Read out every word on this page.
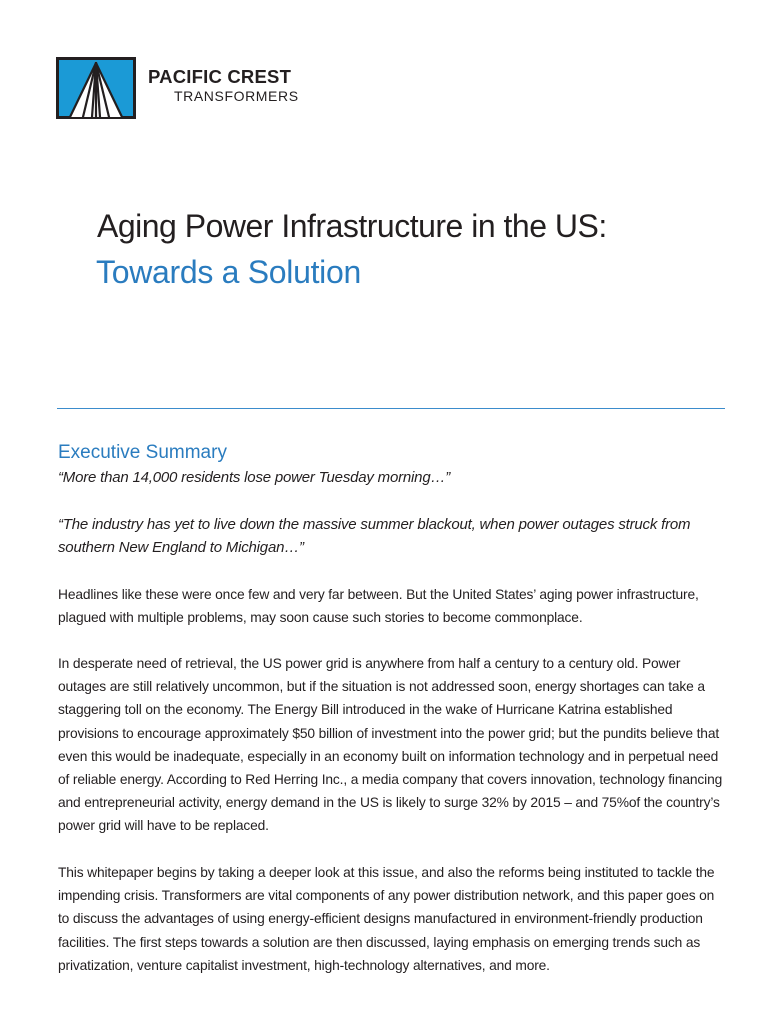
PACIFIC CREST
TRANSFORMERS
Aging Power Infrastructure in the US:
Towards a Solution
Executive Summary
“More than 14,000 residents lose power Tuesday morning…”
“The industry has yet to live down the massive summer blackout, when power outages struck from southern New England to Michigan…”
Headlines like these were once few and very far between. But the United States’ aging power infrastructure, plagued with multiple problems, may soon cause such stories to become commonplace.
In desperate need of retrieval, the US power grid is anywhere from half a century to a century old. Power outages are still relatively uncommon, but if the situation is not addressed soon, energy shortages can take a staggering toll on the economy. The Energy Bill introduced in the wake of Hurricane Katrina established provisions to encourage approximately $50 billion of investment into the power grid; but the pundits believe that even this would be inadequate, especially in an economy built on information technology and in perpetual need of reliable energy. According to Red Herring Inc., a media company that covers innovation, technology financing and entrepreneurial activity, energy demand in the US is likely to surge 32% by 2015 – and 75%of the country’s power grid will have to be replaced.
This whitepaper begins by taking a deeper look at this issue, and also the reforms being instituted to tackle the impending crisis. Transformers are vital components of any power distribution network, and this paper goes on to discuss the advantages of using energy-efficient designs manufactured in environment-friendly production facilities. The first steps towards a solution are then discussed, laying emphasis on emerging trends such as privatization, venture capitalist investment, high-technology alternatives, and more.
